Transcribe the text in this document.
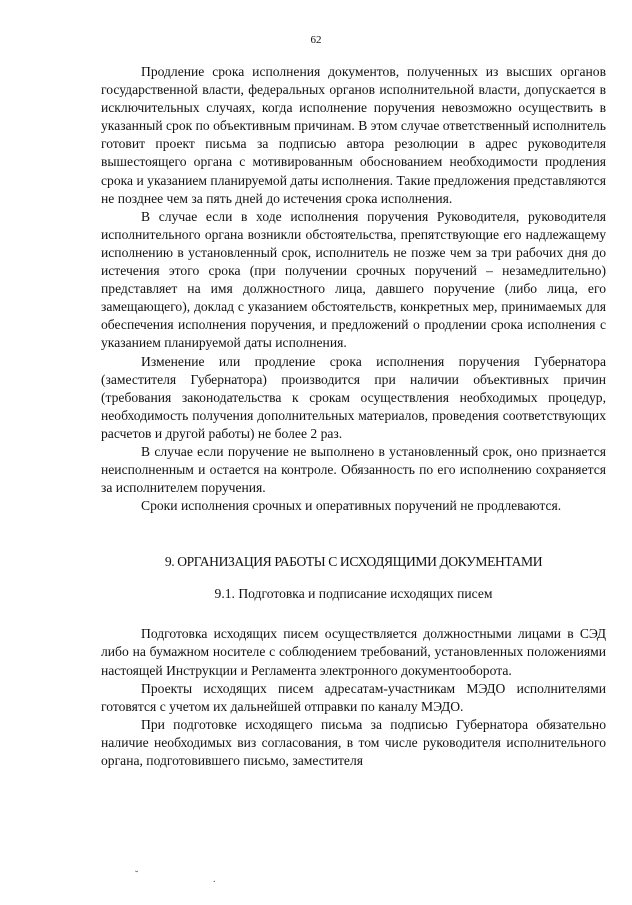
62

Продление срока исполнения документов, полученных из высших органов государственной власти, федеральных органов исполнительной власти, допускается в исключительных случаях, когда исполнение поручения невозможно осуществить в указанный срок по объективным причинам. В этом случае ответственный исполнитель готовит проект письма за подписью автора резолюции в адрес руководителя вышестоящего органа с мотивированным обоснованием необходимости продления срока и указанием планируемой даты исполнения. Такие предложения представляются не позднее чем за пять дней до истечения срока исполнения.

В случае если в ходе исполнения поручения Руководителя, руководителя исполнительного органа возникли обстоятельства, препятствующие его надлежащему исполнению в установленный срок, исполнитель не позже чем за три рабочих дня до истечения этого срока (при получении срочных поручений – незамедлительно) представляет на имя должностного лица, давшего поручение (либо лица, его замещающего), доклад с указанием обстоятельств, конкретных мер, принимаемых для обеспечения исполнения поручения, и предложений о продлении срока исполнения с указанием планируемой даты исполнения.

Изменение или продление срока исполнения поручения Губернатора (заместителя Губернатора) производится при наличии объективных причин (требования законодательства к срокам осуществления необходимых процедур, необходимость получения дополнительных материалов, проведения соответствующих расчетов и другой работы) не более 2 раз.

В случае если поручение не выполнено в установленный срок, оно признается неисполненным и остается на контроле. Обязанность по его исполнению сохраняется за исполнителем поручения.

Сроки исполнения срочных и оперативных поручений не продлеваются.

9. ОРГАНИЗАЦИЯ РАБОТЫ С ИСХОДЯЩИМИ ДОКУМЕНТАМИ
9.1. Подготовка и подписание исходящих писем

Подготовка исходящих писем осуществляется должностными лицами в СЭД либо на бумажном носителе с соблюдением требований, установленных положениями настоящей Инструкции и Регламента электронного документооборота.

Проекты исходящих писем адресатам-участникам МЭДО исполнителями готовятся с учетом их дальнейшей отправки по каналу МЭДО.

При подготовке исходящего письма за подписью Губернатора обязательно наличие необходимых виз согласования, в том числе руководителя исполнительного органа, подготовившего письмо, заместителя

˘	.
